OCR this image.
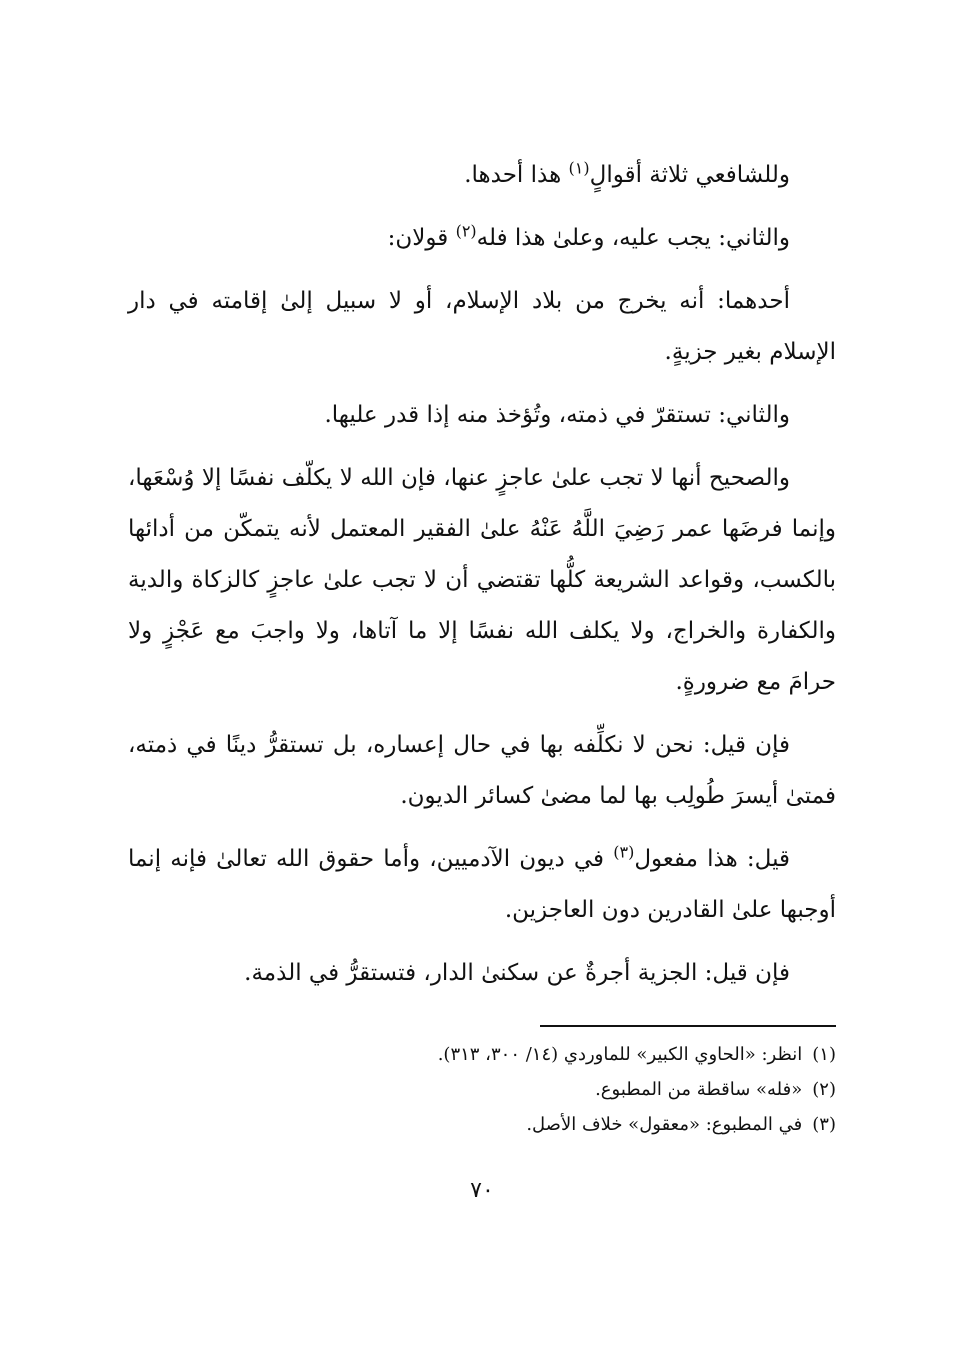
وللشافعي ثلاثة أقوالٍ$^{(١)}$ هذا أحدها.

والثاني: يجب عليه، وعلىٰ هذا فله$^{(٢)}$ قولان:

أحدهما: أنه يخرج من بلاد الإسلام، أو لا سبيل إلىٰ إقامته في دار الإسلام بغير جزيةٍ.

والثاني: تستقرّ في ذمته، وتُؤخذ منه إذا قدر عليها.

والصحيح أنها لا تجب علىٰ عاجزٍ عنها، فإن الله لا يكلّف نفسًا إلا وُسْعَها، وإنما فرضَها عمر رَضِيَ اللَّهُ عَنْهُ علىٰ الفقير المعتمل لأنه يتمكّن من أدائها بالكسب، وقواعد الشريعة كلُّها تقتضي أن لا تجب علىٰ عاجزٍ كالزكاة والدية والكفارة والخراج، ولا يكلف الله نفسًا إلا ما آتاها، ولا واجبَ مع عَجْزٍ ولا حرامَ مع ضرورةٍ.

فإن قيل: نحن لا نكلِّفه بها في حال إعساره، بل تستقرُّ دينًا في ذمته، فمتىٰ أيسرَ طُولِب بها لما مضىٰ كسائر الديون.

قيل: هذا مفعول$^{(٣)}$ في ديون الآدميين، وأما حقوق الله تعالىٰ فإنه إنما أوجبها علىٰ القادرين دون العاجزين.

فإن قيل: الجزية أجرةٌ عن سكنىٰ الدار، فتستقرُّ في الذمة.

(١)انظر: «الحاوي الكبير» للماوردي (١٤/ ٣٠٠، ٣١٣).

(٢)«فله» ساقطة من المطبوع.

(٣)في المطبوع: «معقول» خلاف الأصل.

٧٠
